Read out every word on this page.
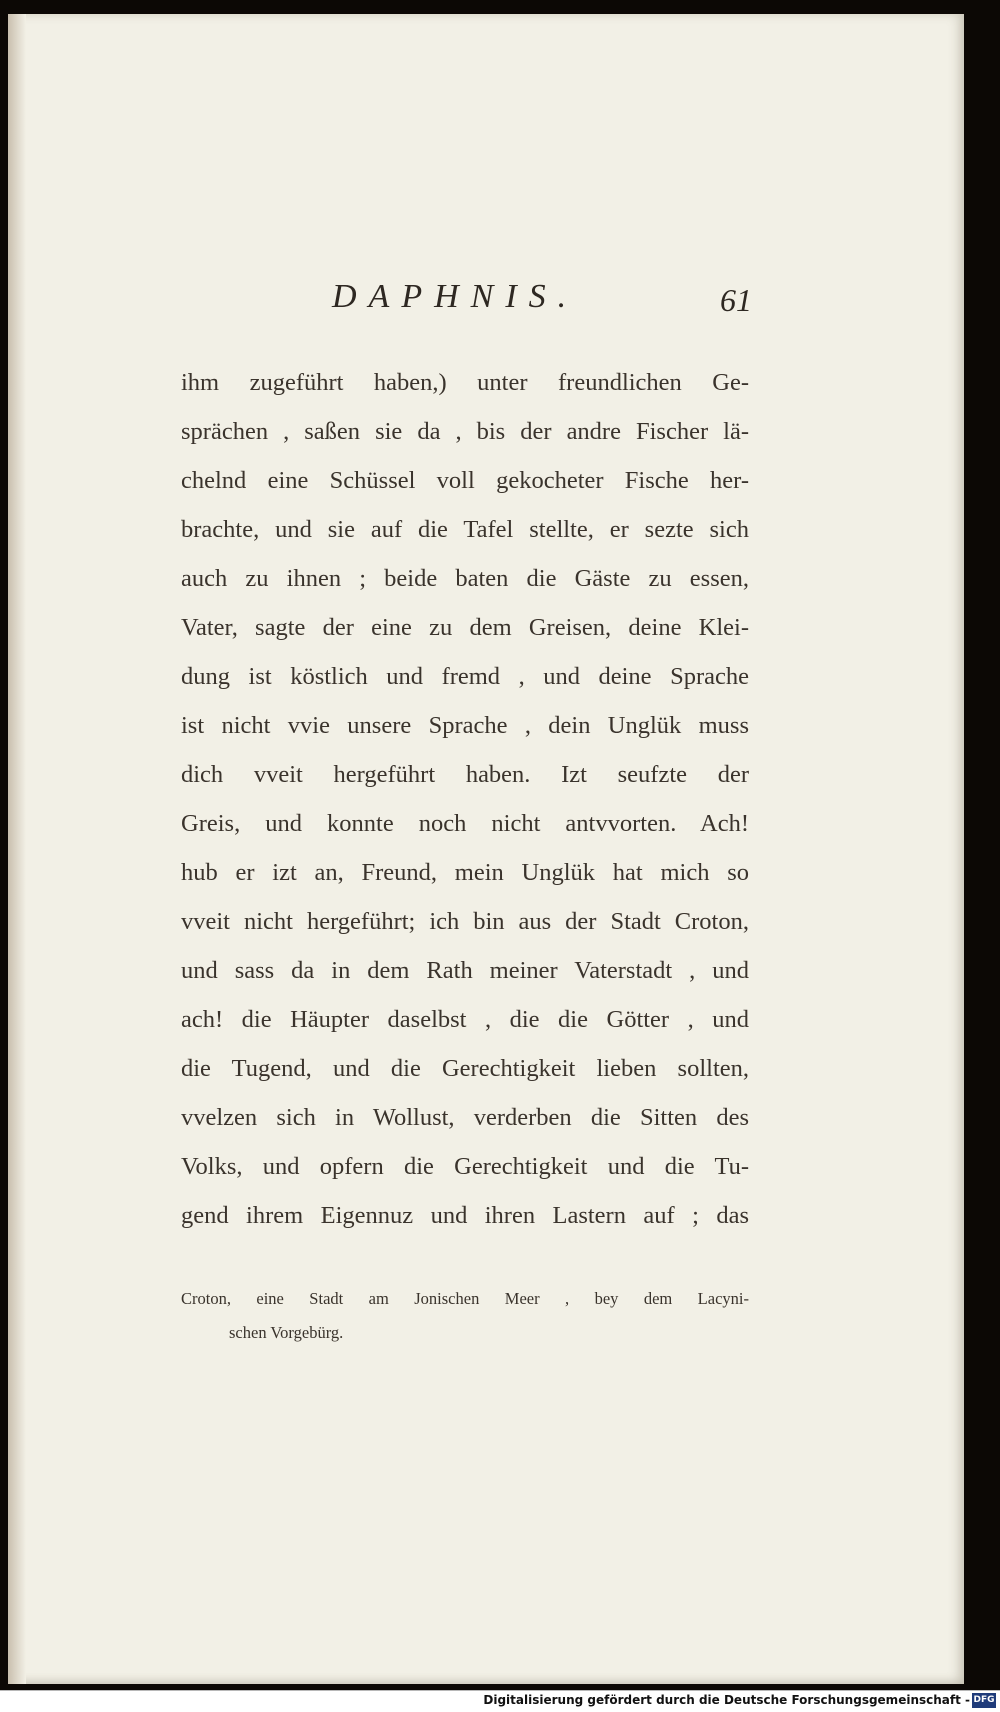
DAPHNIS.	61
ihm zugeführt haben,) unter freundlichen Ge-
sprächen , saßen sie da , bis der andre Fischer lä-
chelnd eine Schüssel voll gekocheter Fische her-
brachte, und sie auf die Tafel stellte, er sezte sich
auch zu ihnen ; beide baten die Gäste zu essen,
Vater, sagte der eine zu dem Greisen, deine Klei-
dung ist köstlich und fremd , und deine Sprache
ist nicht vvie unsere Sprache , dein Unglük muss
dich vveit hergeführt haben. Izt seufzte der
Greis, und konnte noch nicht antvvorten. Ach!
hub er izt an, Freund, mein Unglük hat mich so
vveit nicht hergeführt; ich bin aus der Stadt Croton,
und sass da in dem Rath meiner Vaterstadt , und
ach! die Häupter daselbst , die die Götter , und
die Tugend, und die Gerechtigkeit lieben sollten,
vvelzen sich in Wollust, verderben die Sitten des
Volks, und opfern die Gerechtigkeit und die Tu-
gend ihrem Eigennuz und ihren Lastern auf ; das
Croton, eine Stadt am Jonischen Meer , bey dem Lacyni-
schen Vorgebürg.
Digitalisierung gefördert durch die Deutsche Forschungsgemeinschaft - DFG
